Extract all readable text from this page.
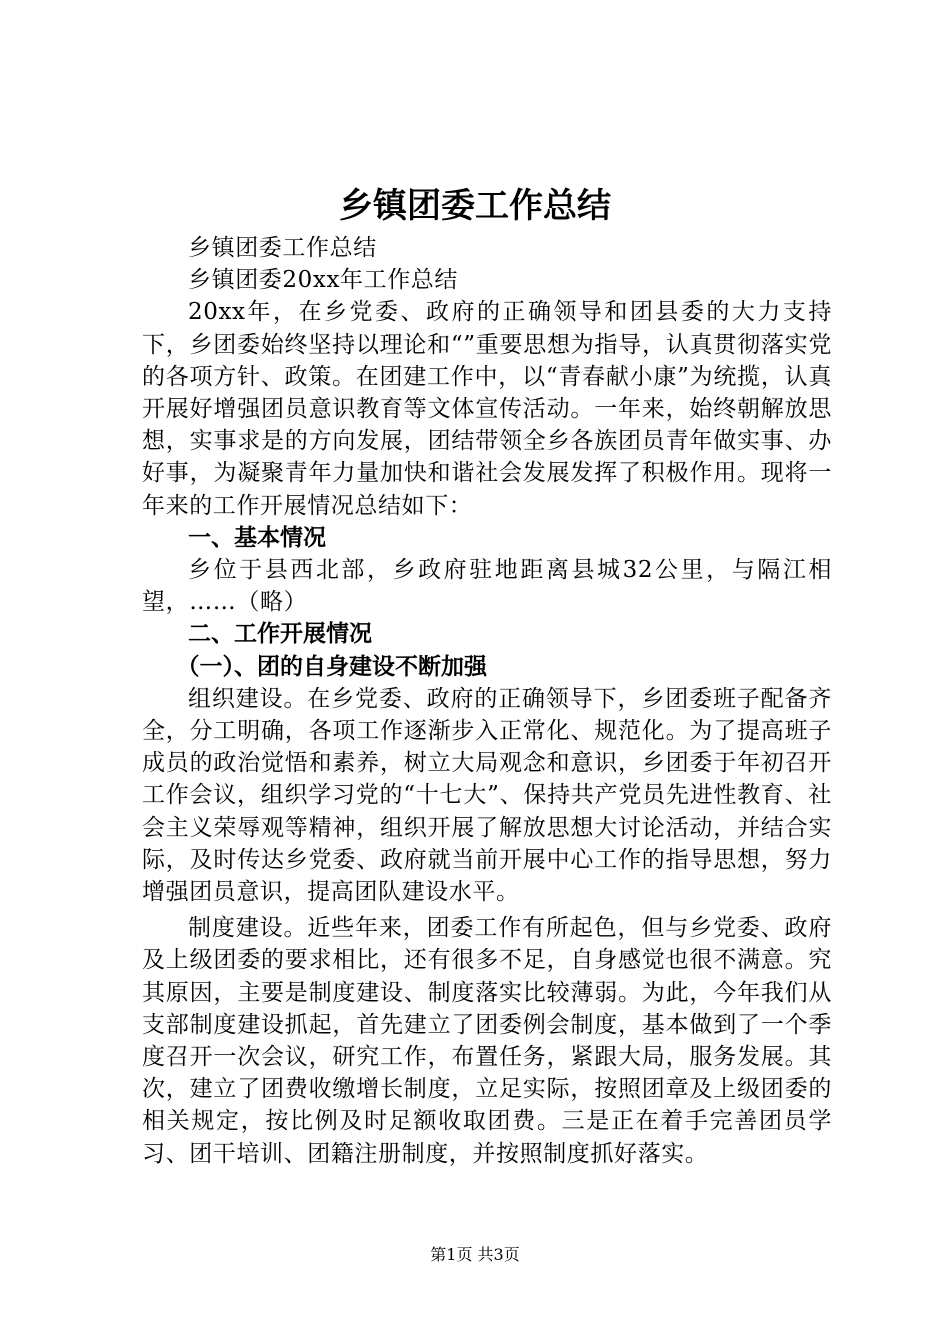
乡镇团委工作总结

乡镇团委工作总结

乡镇团委20xx年工作总结

20xx年，在乡党委、政府的正确领导和团县委的大力支持下，乡团委始终坚持以理论和“”重要思想为指导，认真贯彻落实党的各项方针、政策。在团建工作中，以“青春献小康”为统揽，认真开展好增强团员意识教育等文体宣传活动。一年来，始终朝解放思想，实事求是的方向发展，团结带领全乡各族团员青年做实事、办好事，为凝聚青年力量加快和谐社会发展发挥了积极作用。现将一年来的工作开展情况总结如下：

一、基本情况

乡位于县西北部，乡政府驻地距离县城32公里，与隔江相望，……（略）

二、工作开展情况

（一）、团的自身建设不断加强

组织建设。在乡党委、政府的正确领导下，乡团委班子配备齐全，分工明确，各项工作逐渐步入正常化、规范化。为了提高班子成员的政治觉悟和素养，树立大局观念和意识，乡团委于年初召开工作会议，组织学习党的“十七大”、保持共产党员先进性教育、社会主义荣辱观等精神，组织开展了解放思想大讨论活动，并结合实际，及时传达乡党委、政府就当前开展中心工作的指导思想，努力增强团员意识，提高团队建设水平。

制度建设。近些年来，团委工作有所起色，但与乡党委、政府及上级团委的要求相比，还有很多不足，自身感觉也很不满意。究其原因，主要是制度建设、制度落实比较薄弱。为此，今年我们从支部制度建设抓起，首先建立了团委例会制度，基本做到了一个季度召开一次会议，研究工作，布置任务，紧跟大局，服务发展。其次，建立了团费收缴增长制度，立足实际，按照团章及上级团委的相关规定，按比例及时足额收取团费。三是正在着手完善团员学习、团干培训、团籍注册制度，并按照制度抓好落实。

第1页 共3页
